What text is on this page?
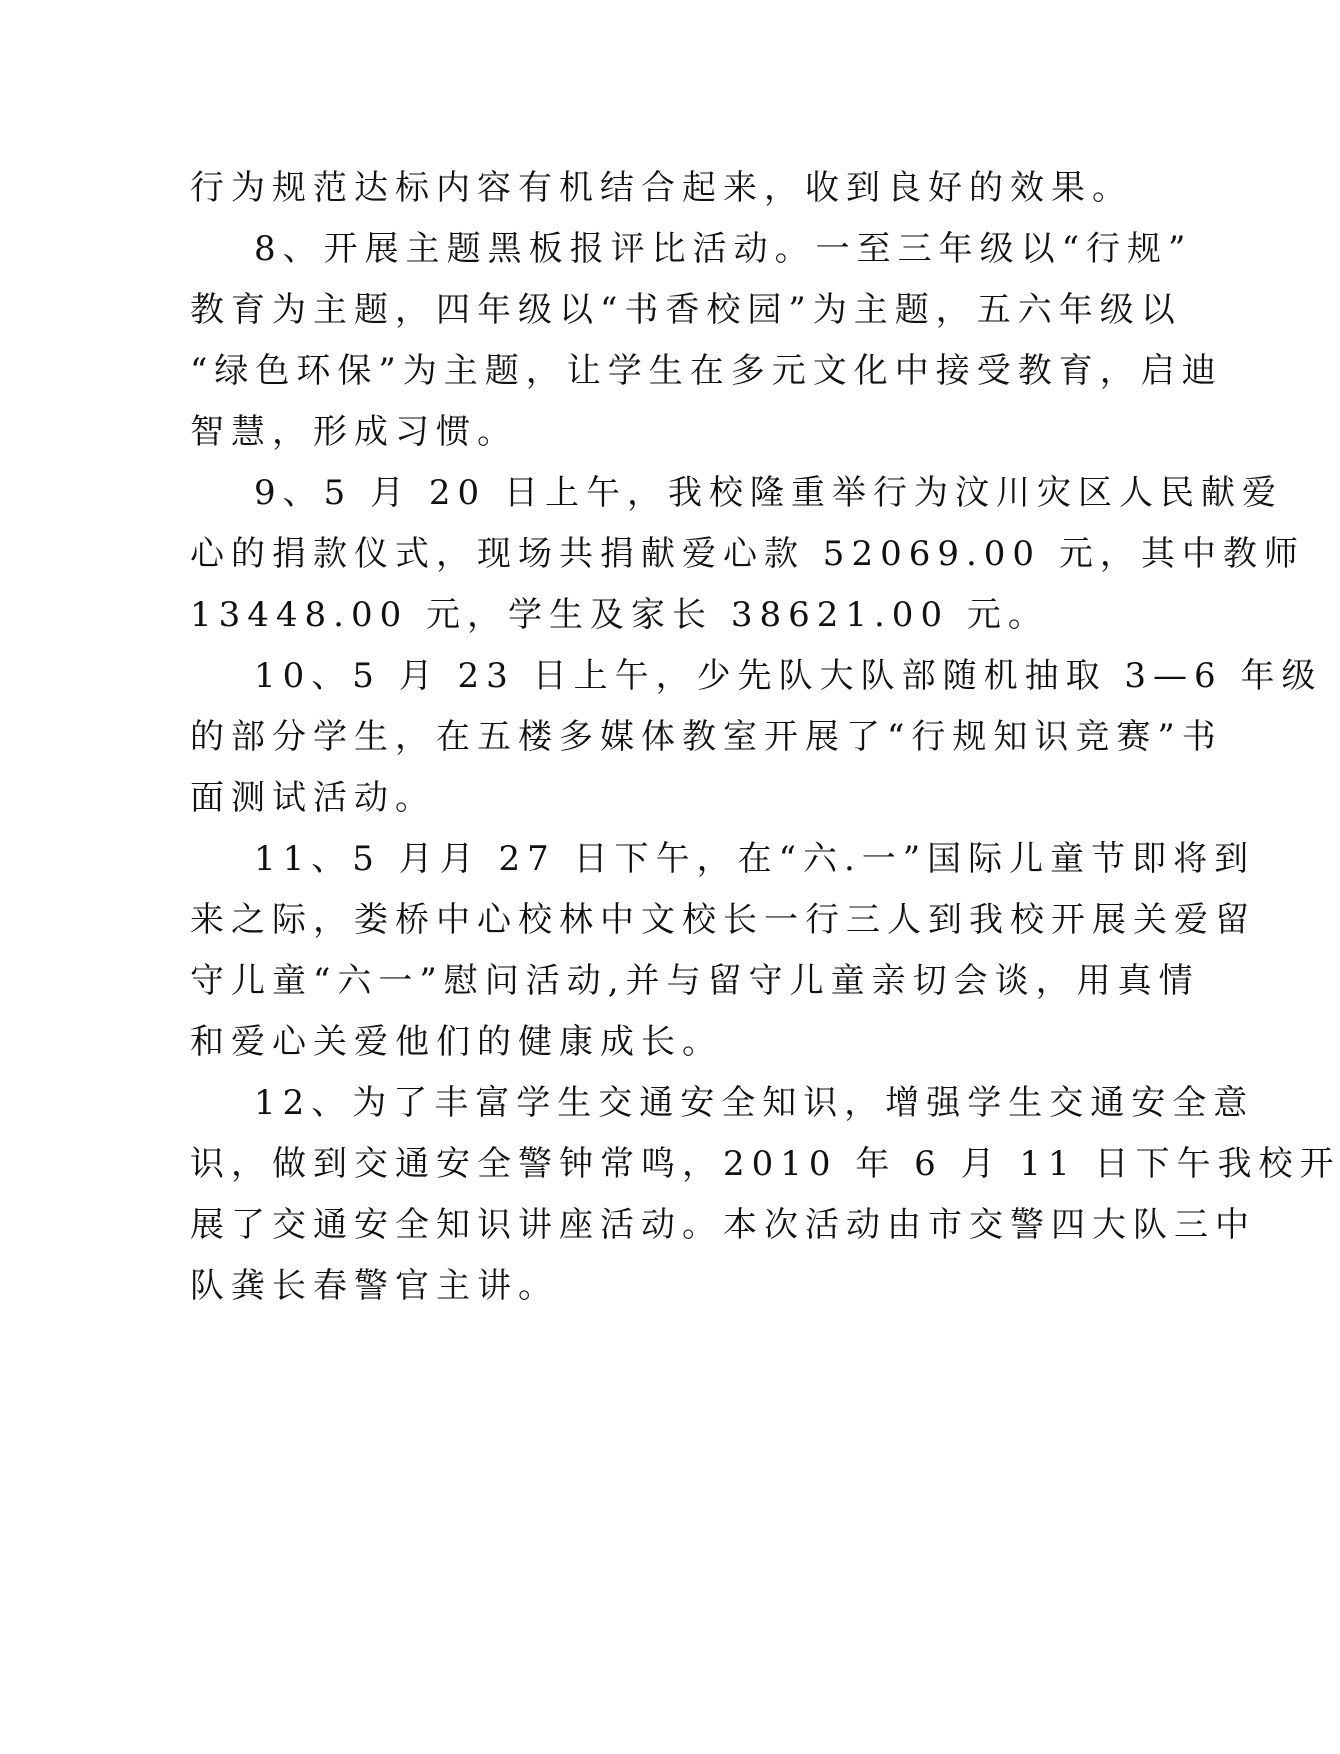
行为规范达标内容有机结合起来，收到良好的效果。
8、开展主题黑板报评比活动。一至三年级以“行规”
教育为主题，四年级以“书香校园”为主题，五六年级以
“绿色环保”为主题，让学生在多元文化中接受教育，启迪
智慧，形成习惯。
9、5 月 20 日上午，我校隆重举行为汶川灾区人民献爱
心的捐款仪式，现场共捐献爱心款 52069.00 元，其中教师
13448.00 元，学生及家长 38621.00 元。
10、5 月 23 日上午，少先队大队部随机抽取 3—6 年级
的部分学生，在五楼多媒体教室开展了“行规知识竞赛”书
面测试活动。
11、5 月月 27 日下午，在“六.一”国际儿童节即将到
来之际，娄桥中心校林中文校长一行三人到我校开展关爱留
守儿童“六一”慰问活动,并与留守儿童亲切会谈，用真情
和爱心关爱他们的健康成长。
12、为了丰富学生交通安全知识，增强学生交通安全意
识，做到交通安全警钟常鸣，2010 年 6 月 11 日下午我校开
展了交通安全知识讲座活动。本次活动由市交警四大队三中
队龚长春警官主讲。
